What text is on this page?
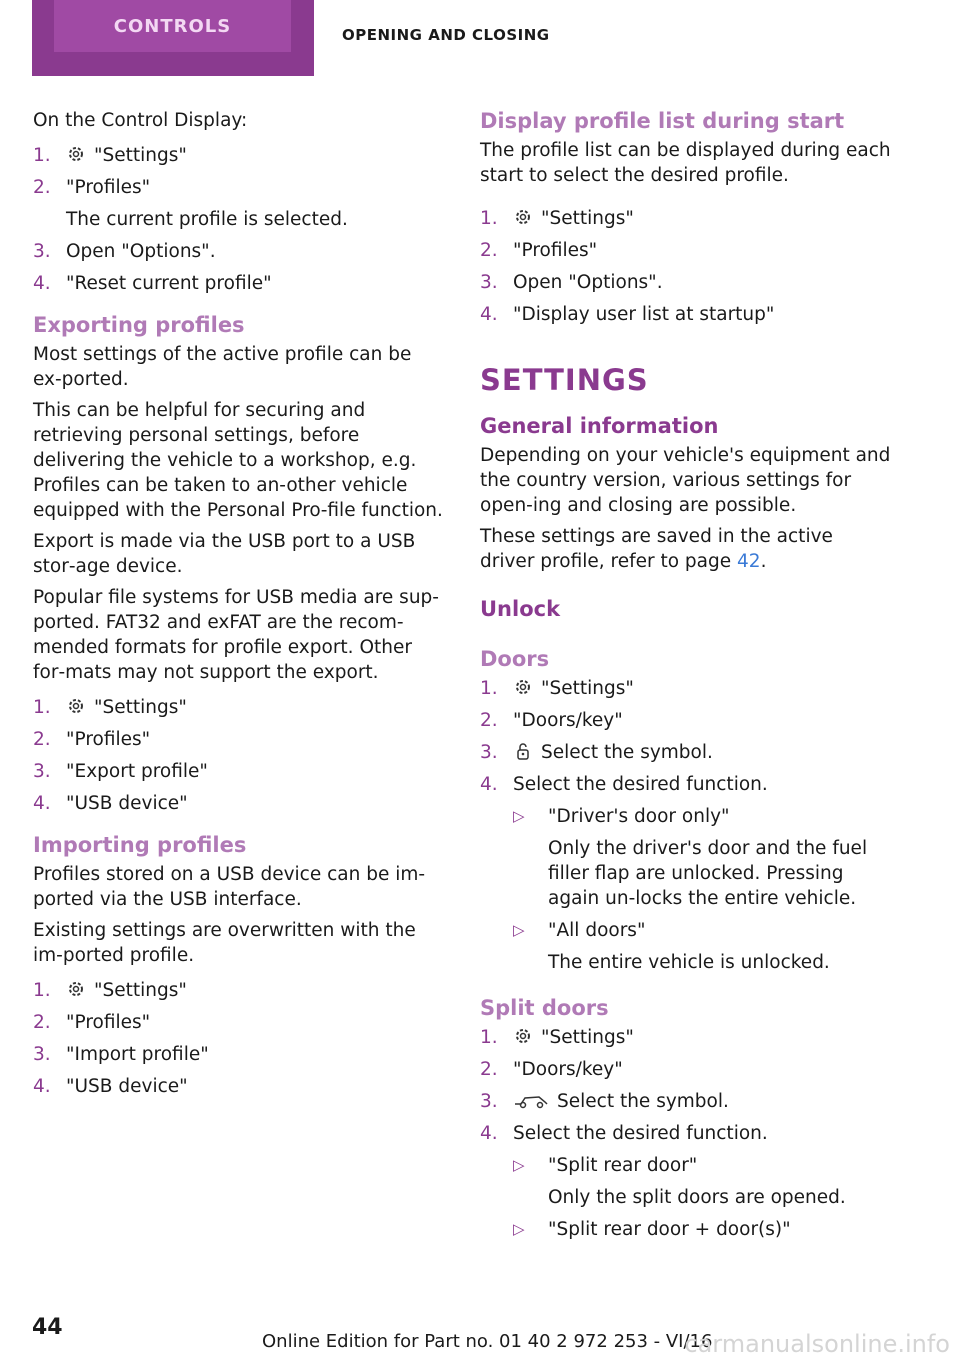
CONTROLS	OPENING AND CLOSING

On the Control Display:

1. "Settings"
2. "Profiles"
The current profile is selected.
3. Open "Options".
4. "Reset current profile"
Exporting profiles

Most settings of the active profile can be ex‐ported.

This can be helpful for securing and retrieving personal settings, before delivering the vehicle to a workshop, e.g. Profiles can be taken to an‐other vehicle equipped with the Personal Pro‐file function.

Export is made via the USB port to a USB stor‐age device.

Popular file systems for USB media are sup‐ported. FAT32 and exFAT are the recom‐mended formats for profile export. Other for‐mats may not support the export.

1. "Settings"
2. "Profiles"
3. "Export profile"
4. "USB device"
Importing profiles

Profiles stored on a USB device can be im‐ported via the USB interface.

Existing settings are overwritten with the im‐ported profile.

1. "Settings"
2. "Profiles"
3. "Import profile"
4. "USB device"
Display profile list during start

The profile list can be displayed during each start to select the desired profile.

1. "Settings"
2. "Profiles"
3. Open "Options".
4. "Display user list at startup"
SETTINGS
General information

Depending on your vehicle's equipment and the country version, various settings for open‐ing and closing are possible.

These settings are saved in the active driver profile, refer to page 42.

Unlock
Doors
1. "Settings"
2. "Doors/key"
3. Select the symbol.
4. Select the desired function.
▷ "Driver's door only"
Only the driver's door and the fuel filler flap are unlocked. Pressing again un‐locks the entire vehicle.
▷ "All doors"
The entire vehicle is unlocked.
Split doors
1. "Settings"
2. "Doors/key"
3.	Select the symbol.
4. Select the desired function.
▷ "Split rear door"
Only the split doors are opened.
▷ "Split rear door + door(s)"
44
Online Edition for Part no. 01 40 2 972 253 - VI/16
carmanualsonline.info
